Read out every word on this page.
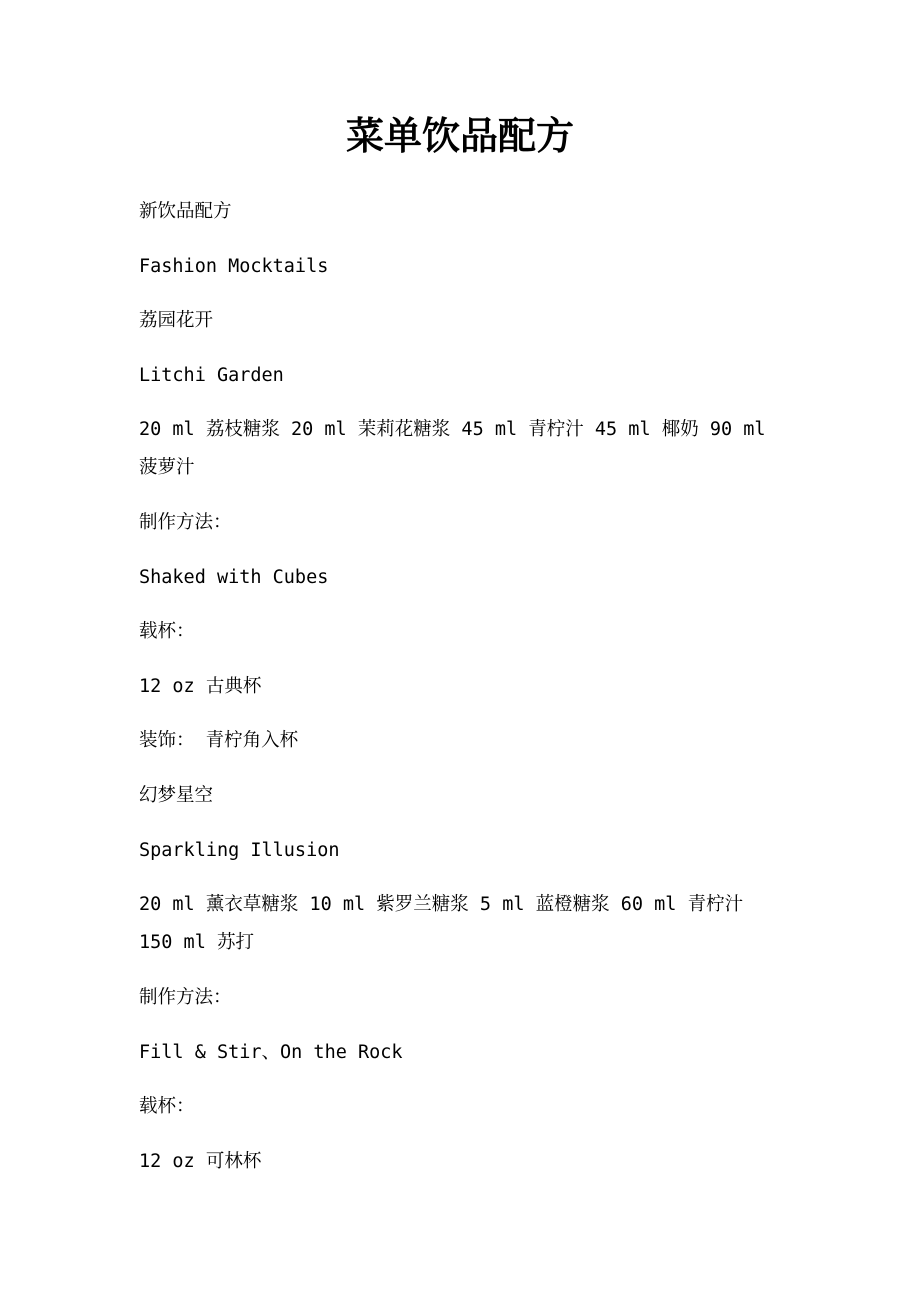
菜单饮品配方

新饮品配方

Fashion Mocktails

荔园花开

Litchi Garden

20 ml 荔枝糖浆 20 ml 茉莉花糖浆 45 ml 青柠汁 45 ml 椰奶 90 ml
菠萝汁

制作方法：

Shaked with Cubes

载杯：

12 oz 古典杯

装饰： 青柠角入杯

幻梦星空

Sparkling Illusion

20 ml 薰衣草糖浆 10 ml 紫罗兰糖浆 5 ml 蓝橙糖浆 60 ml 青柠汁
150 ml 苏打

制作方法：

Fill & Stir、On the Rock

载杯：

12 oz 可林杯
